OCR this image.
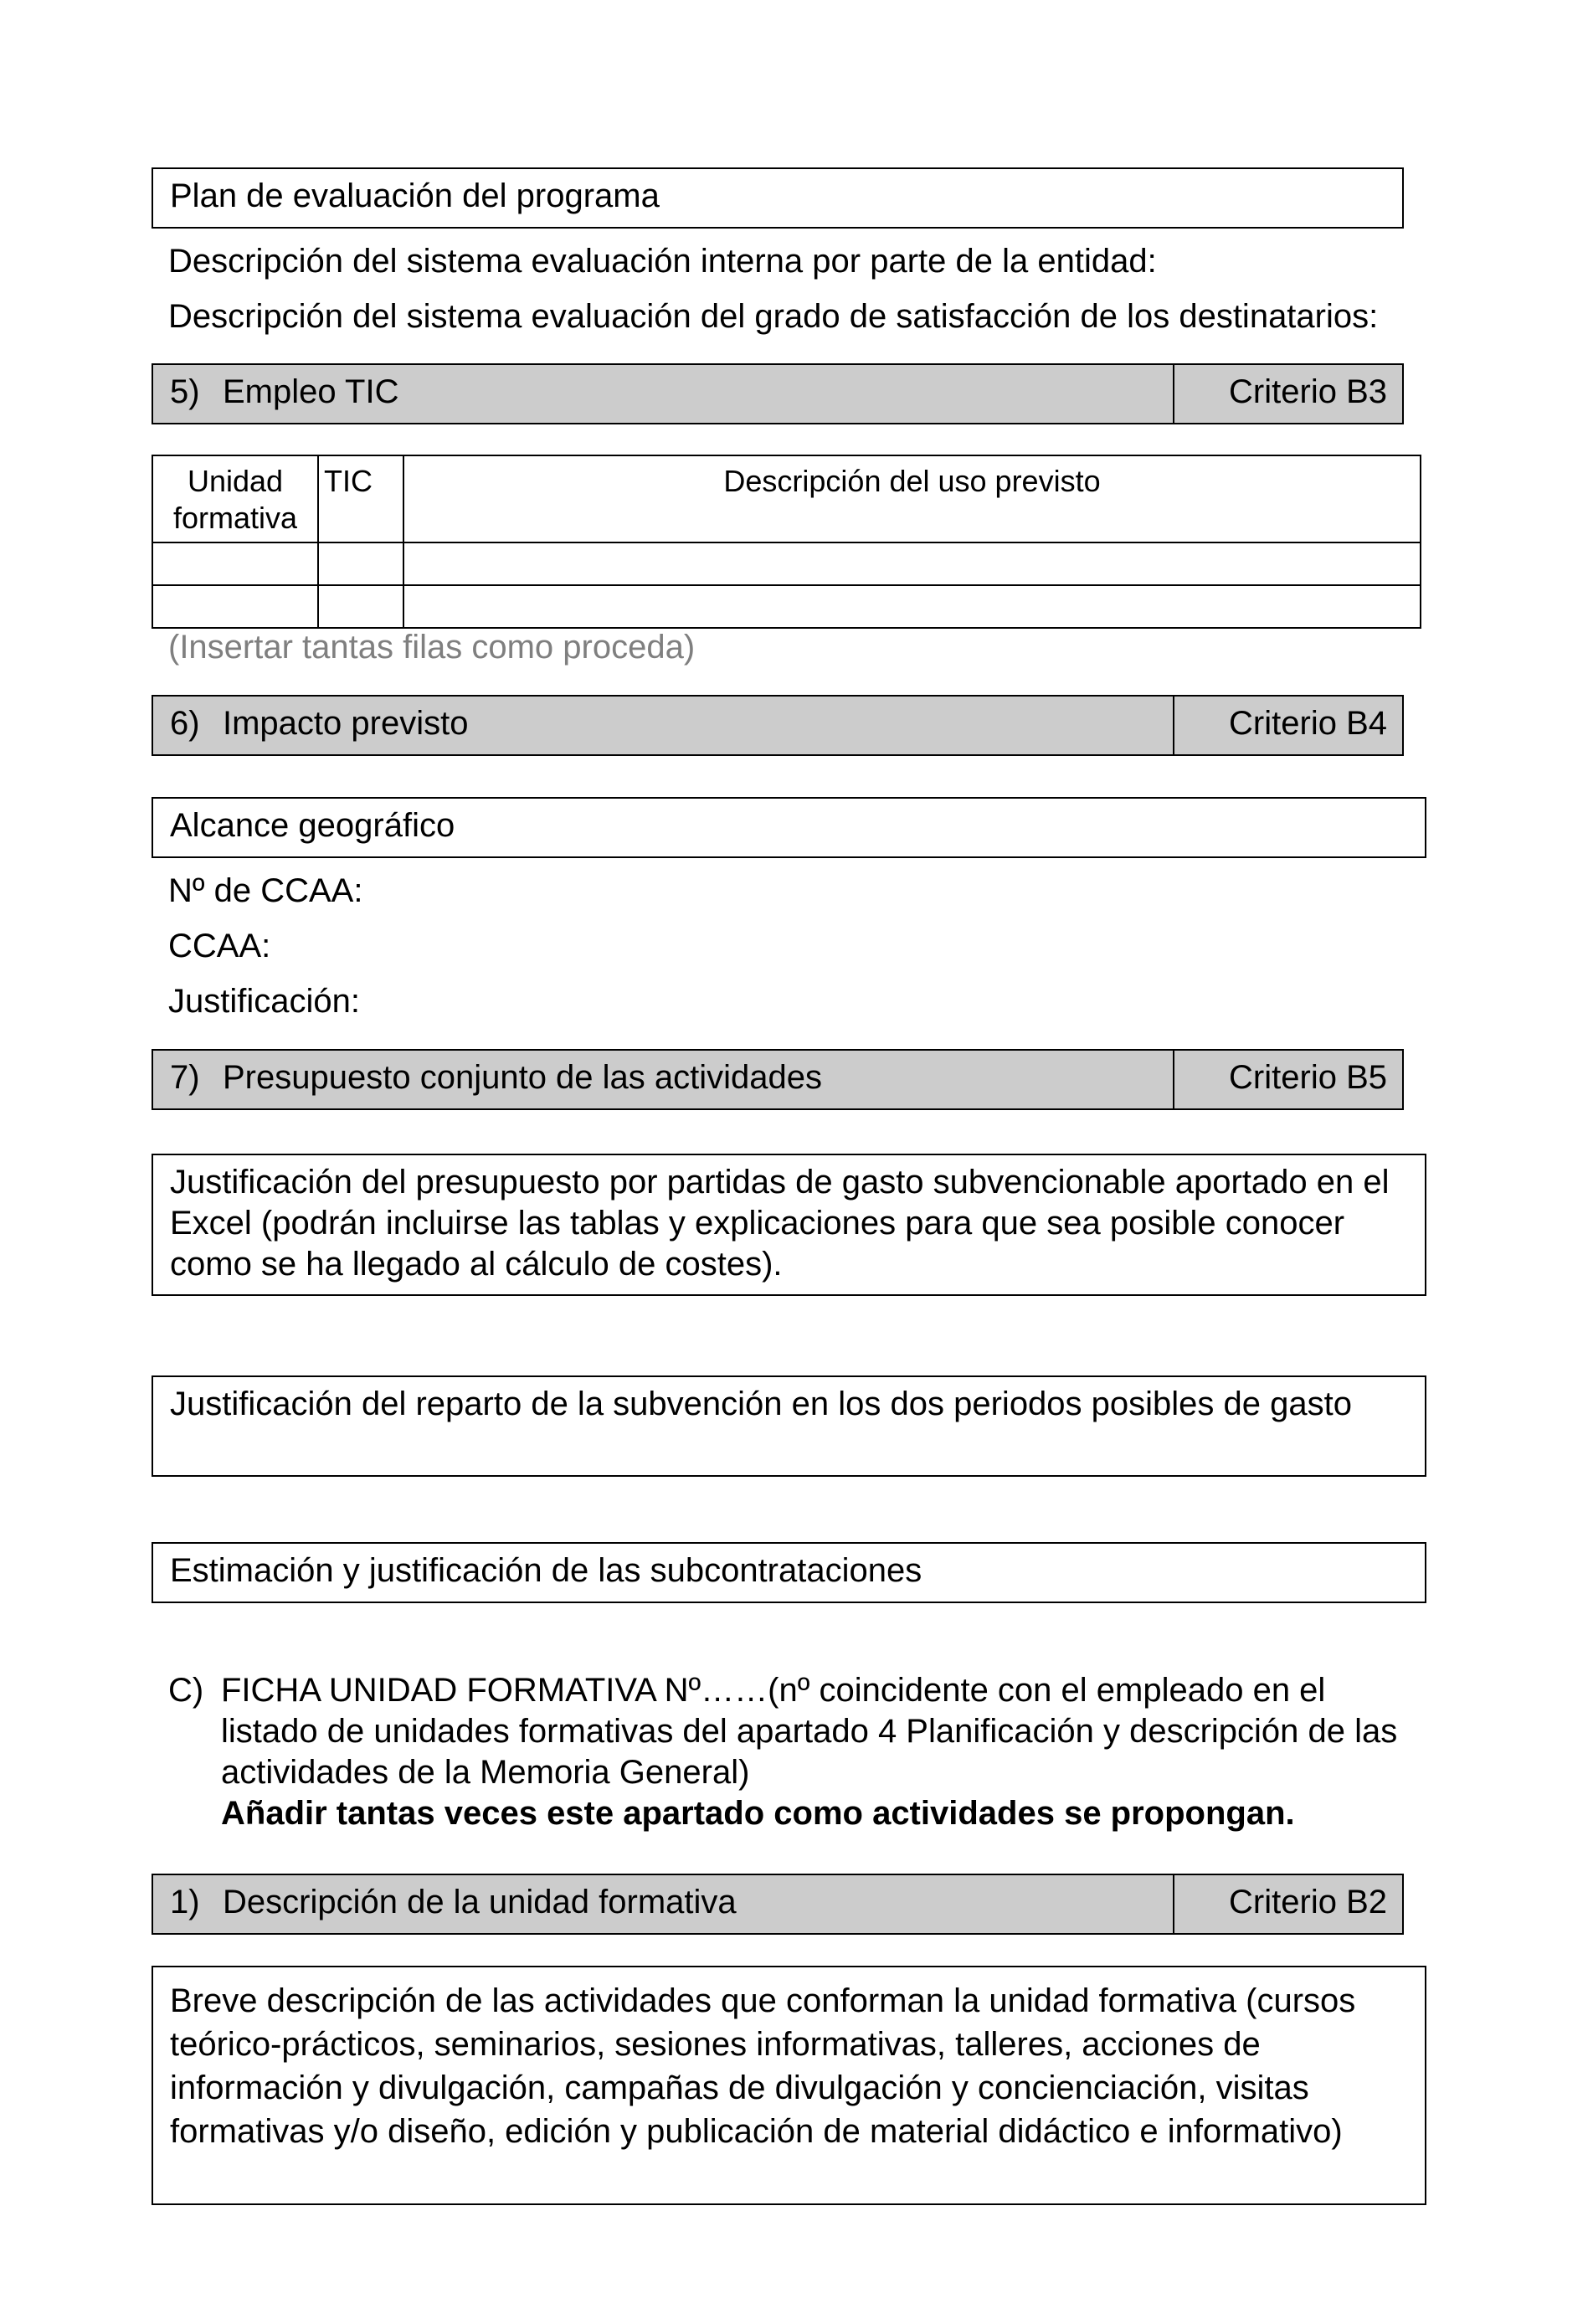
Plan de evaluación del programa
Descripción del sistema evaluación interna por parte de la entidad:
Descripción del sistema evaluación del grado de satisfacción de los destinatarios:
5) Empleo TIC	Criterio B3
Unidad formativa	TIC	Descripción del uso previsto

(Insertar tantas filas como proceda)
6) Impacto previsto	Criterio B4
Alcance geográfico
Nº de CCAA:
CCAA:
Justificación:
7) Presupuesto conjunto de las actividades	Criterio B5
Justificación del presupuesto por partidas de gasto subvencionable aportado en el Excel (podrán incluirse las tablas y explicaciones para que sea posible conocer como se ha llegado al cálculo de costes).
Justificación del reparto de la subvención en los dos periodos posibles de gasto
Estimación y justificación de las subcontrataciones
C) FICHA UNIDAD FORMATIVA Nº……(nº coincidente con el empleado en el listado de unidades formativas del apartado 4 Planificación y descripción de las actividades de la Memoria General)
Añadir tantas veces este apartado como actividades se propongan.
1) Descripción de la unidad formativa	Criterio B2
Breve descripción de las actividades que conforman la unidad formativa (cursos teórico-prácticos, seminarios, sesiones informativas, talleres, acciones de información y divulgación, campañas de divulgación y concienciación, visitas formativas y/o diseño, edición y publicación de material didáctico e informativo)
